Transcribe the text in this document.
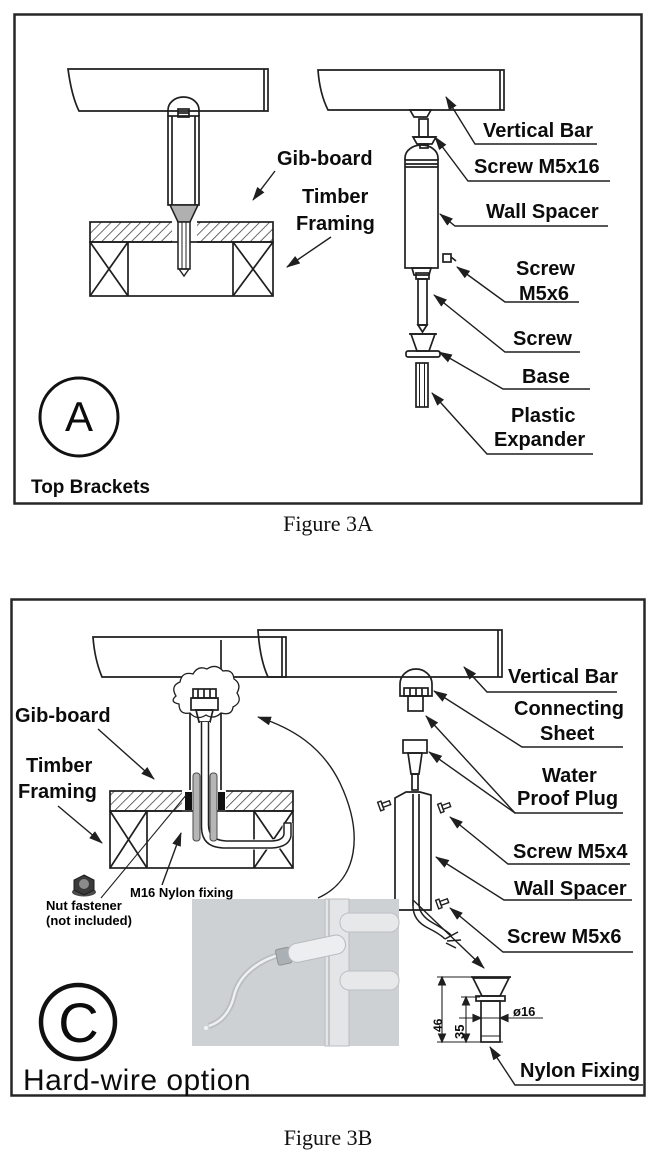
Gib-board
Timber
Framing
Vertical Bar
Screw M5x16
Wall Spacer
Screw
M5x6
Screw
Base
Plastic
Expander
A
Top Brackets
Figure 3A
46 35
ø16
Gib-board
Timber
Framing
Nut fastener
(not included)
M16 Nylon fixing
Vertical Bar
Connecting
Sheet
Water
Proof Plug
Screw M5x4
Wall Spacer
Screw M5x6
Nylon Fixing
C
Hard-wire option
Figure 3B
